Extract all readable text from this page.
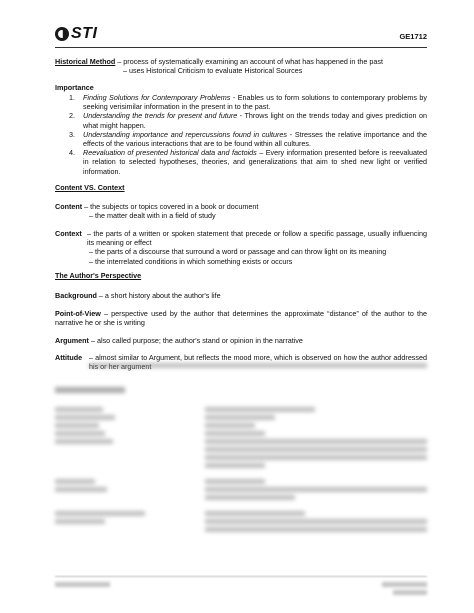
STI	GE1712
Historical Method – process of systematically examining an account of what has happened in the past
– uses Historical Criticism to evaluate Historical Sources
Importance
1. Finding Solutions for Contemporary Problems - Enables us to form solutions to contemporary problems by seeking verisimilar information in the present in to the past.
2. Understanding the trends for present and future - Throws light on the trends today and gives prediction on what might happen.
3. Understanding importance and repercussions found in cultures - Stresses the relative importance and the effects of the various interactions that are to be found within all cultures.
4. Reevaluation of presented historical data and factoids – Every information presented before is reevaluated in relation to selected hypotheses, theories, and generalizations that aim to shed new light or verified information.
Content VS. Context
Content – the subjects or topics covered in a book or document
– the matter dealt with in a field of study
Context – the parts of a written or spoken statement that precede or follow a specific passage, usually influencing its meaning or effect
– the parts of a discourse that surround a word or passage and can throw light on its meaning
– the interrelated conditions in which something exists or occurs
The Author's Perspective
Background – a short history about the author's life
Point-of-View – perspective used by the author that determines the approximate “distance” of the author to the narrative he or she is writing
Argument – also called purpose; the author's stand or opinion in the narrative
Attitude – almost similar to Argument, but reflects the mood more, which is observed on how the author addressed
